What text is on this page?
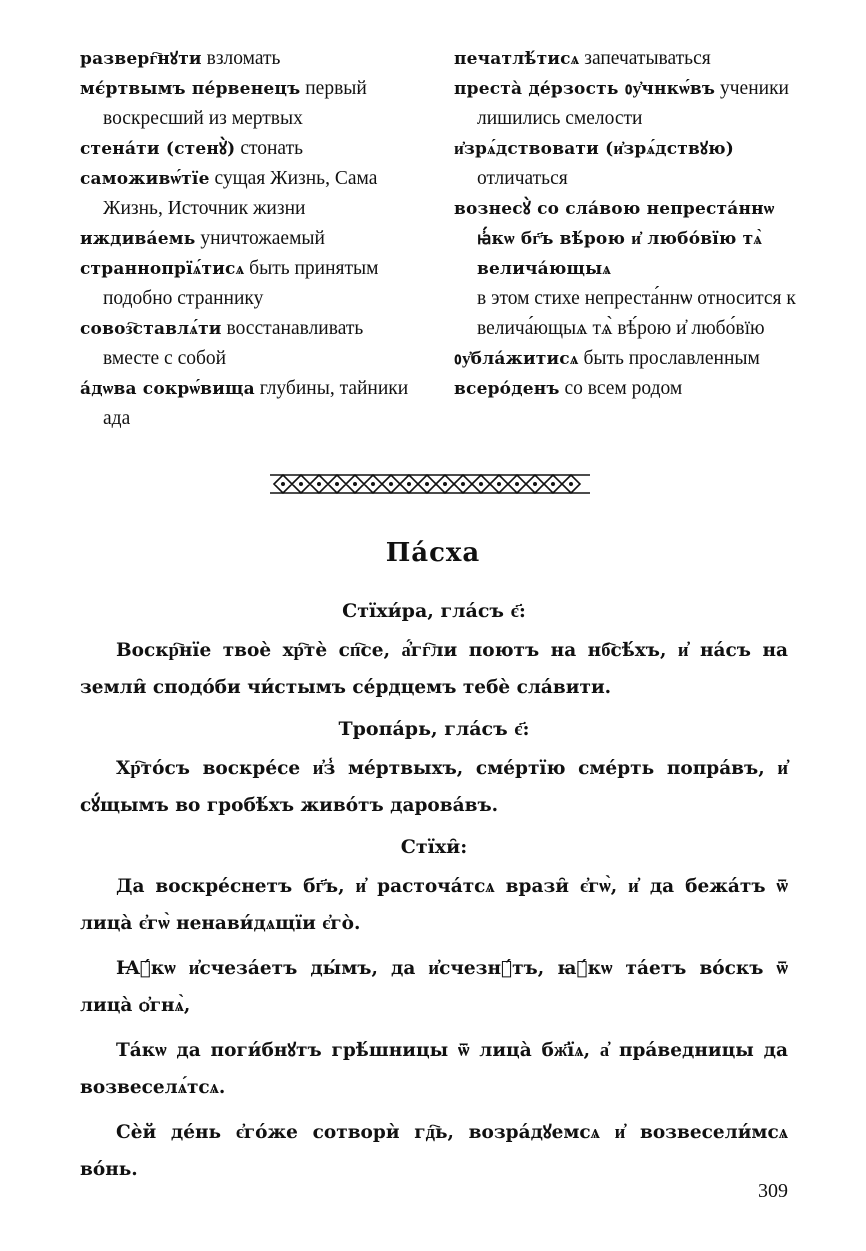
разверг҇нꙋти взломать
мє́ртвымъ пе́рвенецъ первый воскресший из мертвых
стена́ти (стенꙋ̀) стонать
саможивѡ́тїе сущая Жизнь, Сама Жизнь, Источник жизни
иждива́емь уничтожаемый
страннопрїѧ́тисѧ быть принятым подобно страннику
совоз҇ставлѧ́ти восстанавливать вместе с собой
а́дѡва сокрѡ́вища глубины, тайники ада
печатлѣ́тисѧ запечатываться
преста̀ де́рзость ᲂу҆чнкѡ́въ ученики лишились смелости
и҆зрѧ́дствовати (и҆зрѧ́дствꙋю) отличаться
вознесꙋ̀ со сла́вою непреста́ннѡ ꙗ҆́кѡ бг҃ъ вѣ́рою и҆ любо́вїю тѧ̀ велича́ющыѧ
в этом стихе непреста́ннѡ относится к велича́ющыѧ тѧ̀ вѣ́рою и҆ любо́вїю
ᲂу҆бла́житисѧ быть прославленным
всеро́денъ со всем родом
Па́сха
Стїхи́ра, гла́съ є҃:

Воскр҇нїе твоѐ хр҇тѐ сп҇се, а҆́гг҇ли поютъ на нб҇сѣ́хъ, и҆ на́съ на земли̑ сподо́би чи́стымъ се́рдцемъ тебѐ сла́вити.

Тропа́рь, гла́съ є҃:

Хр҇то́съ воскре́се и҆з̾ ме́ртвыхъ, сме́ртїю сме́рть попра́въ, и҆ сꙋ́щымъ во гробѣ́хъ живо́тъ дарова́въ.

Стїхи̑:

Да воскре́снетъ бг҃ъ, и҆ расточа́тсѧ врази̑ є҆гѡ̀, и҆ да бежа́тъ ѿ лица̀ є҆гѡ̀ ненави́дѧщїи є҆го̀.

Ꙗ҆́кѡ и҆счеза́етъ ды́мъ, да и҆счезнꙋ́тъ, ꙗ҆́кѡ та́етъ во́скъ ѿ лица̀ ѻ҆гнѧ̀,

Та́кѡ да поги́бнꙋтъ грѣ́шницы ѿ лица̀ бж҃їѧ, а҆ пра́ведницы да возвеселѧ́тсѧ.

Сѐй де́нь є҆го́же сотворѝ гд҇ь, возра́дꙋемсѧ и҆ возвесели́мсѧ во́нь.

309
